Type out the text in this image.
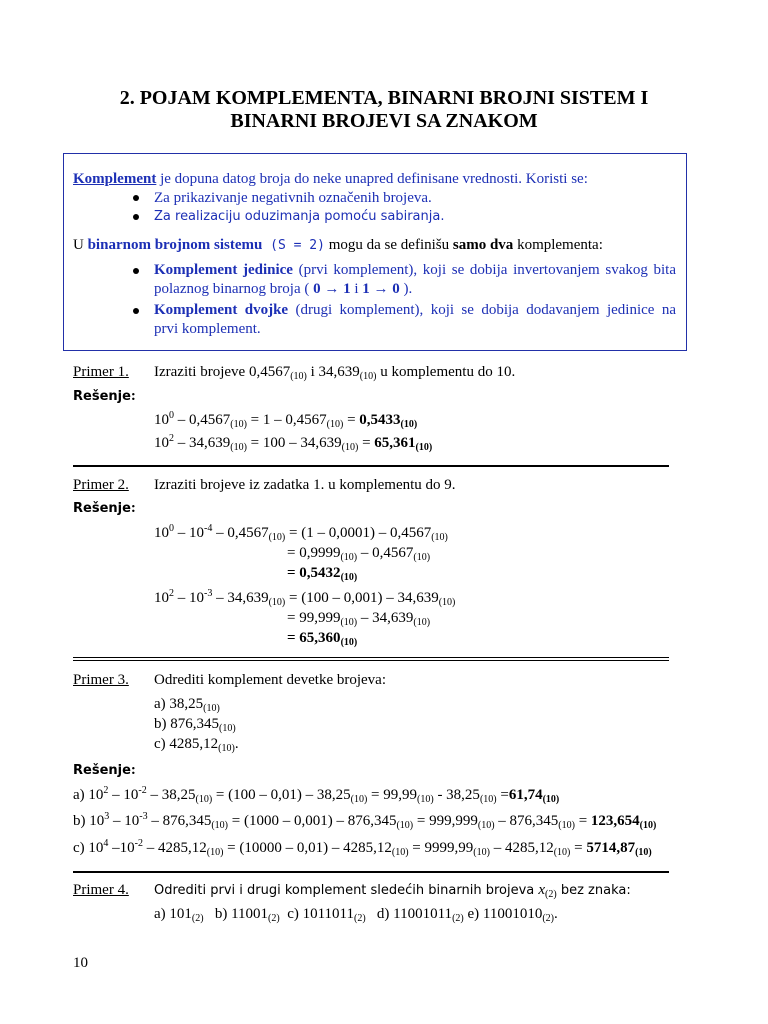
2. POJAM KOMPLEMENTA, BINARNI BROJNI SISTEM I
BINARNI BROJEVI SA ZNAKOM
Komplement je dopuna datog broja do neke unapred definisane vrednosti. Koristi se:
Za prikazivanje negativnih označenih brojeva.
Za realizaciju oduzimanja pomoću sabiranja.
U binarnom brojnom sistemu (S = 2) mogu da se definišu samo dva komplementa:
Komplement jedinice (prvi komplement), koji se dobija invertovanjem svakog bita
polaznog binarnog broja ( 0 → 1 i 1 → 0 ).
Komplement dvojke (drugi komplement), koji se dobija dodavanjem jedinice na
prvi komplement.
Primer 1. Izraziti brojeve $0,4567_{(10)}$ i $34,639_{(10)}$ u komplementu do 10.
Rešenje:
$10^0 - 0,4567_{(10)} = 1 - 0,4567_{(10)} = 0,5433_{(10)}$
$10^2 - 34,639_{(10)} = 100 - 34,639_{(10)} = 65,361_{(10)}$
Primer 2. Izraziti brojeve iz zadatka 1. u komplementu do 9.
Rešenje:
$10^0 - 10^{-4} - 0,4567_{(10)} = (1 - 0,0001) - 0,4567_{(10)}$
= $0,9999_{(10)} - 0,4567_{(10)}$
= $0,5432_{(10)}$
$10^2 - 10^{-3} - 34,639_{(10)} = (100 - 0,001) - 34,639_{(10)}$
= $99,999_{(10)} - 34,639_{(10)}$
= $65,360_{(10)}$
Primer 3. Odrediti komplement devetke brojeva:
a) $38,25_{(10)}$
b) $876,345_{(10)}$
c) $4285,12_{(10)}$.
Rešenje:
a) $10^2 - 10^{-2} - 38,25_{(10)} = (100 - 0,01) - 38,25_{(10)} = 99,99_{(10)} - 38,25_{(10)} =61,74_{(10)}$
b) $10^3 - 10^{-3} - 876,345_{(10)} = (1000 - 0,001) - 876,345_{(10)} = 999,999_{(10)} - 876,345_{(10)} = 123,654_{(10)}$
c) $10^4$ $-10^{-2} - 4285,12_{(10)} = (10000 - 0,01) - 4285,12_{(10)} = 9999,99_{(10)} - 4285,12_{(10)} = 5714,87_{(10)}$
Primer 4. Odrediti prvi i drugi komplement sledećih binarnih brojeva $x_{(2)}$ bez znaka:
a) $101_{(2)}$   b) $11001_{(2)}$  c) $1011011_{(2)}$   d) $11001011_{(2)}$ e) $11001010_{(2)}$.
10
